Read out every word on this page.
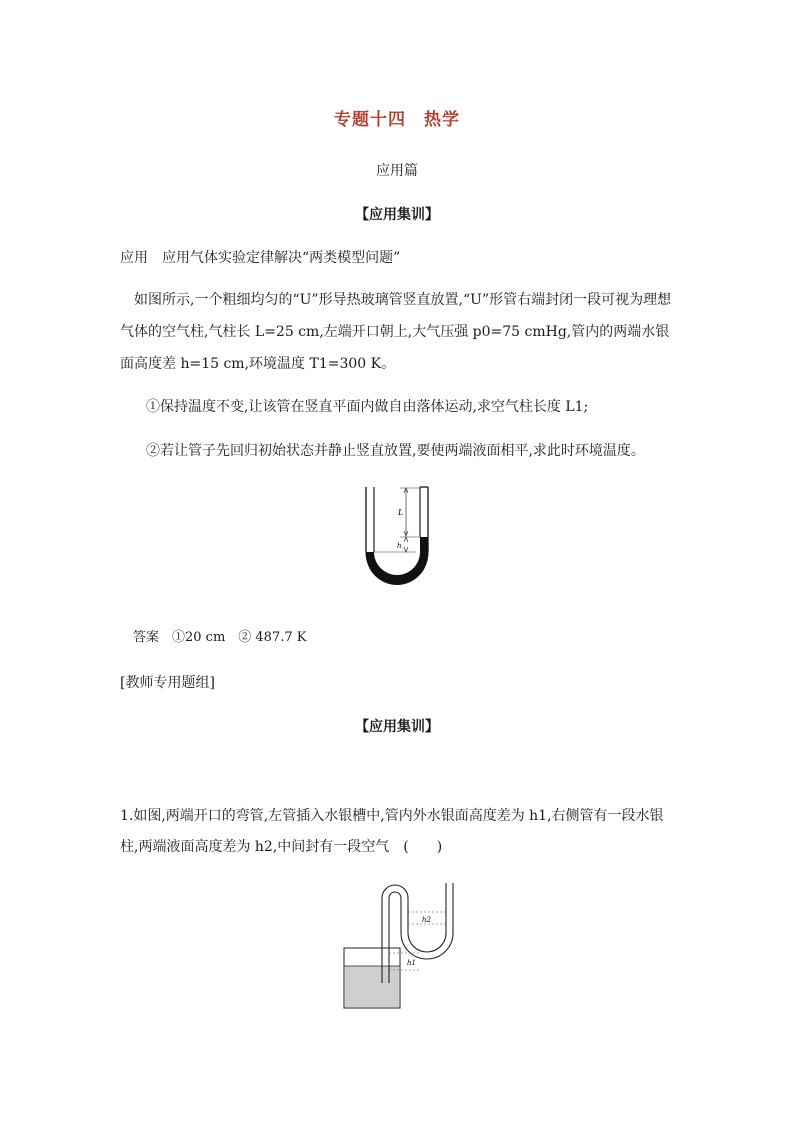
专题十四　热学
应用篇
【应用集训】
应用　应用气体实验定律解决“两类模型问题”
如图所示,一个粗细均匀的“U”形导热玻璃管竖直放置,“U”形管右端封闭一段可视为理想气体的空气柱,气柱长 L=25 cm,左端开口朝上,大气压强 p0=75 cmHg,管内的两端水银面高度差 h=15 cm,环境温度 T1=300 K。
①保持温度不变,让该管在竖直平面内做自由落体运动,求空气柱长度 L1;
②若让管子先回归初始状态并静止竖直放置,要使两端液面相平,求此时环境温度。
L
h
答案　①20 cm　② 487.7 K
[教师专用题组]
【应用集训】
1.如图,两端开口的弯管,左管插入水银槽中,管内外水银面高度差为 h1,右侧管有一段水银
柱,两端液面高度差为 h2,中间封有一段空气　(　　)
h2
h1
